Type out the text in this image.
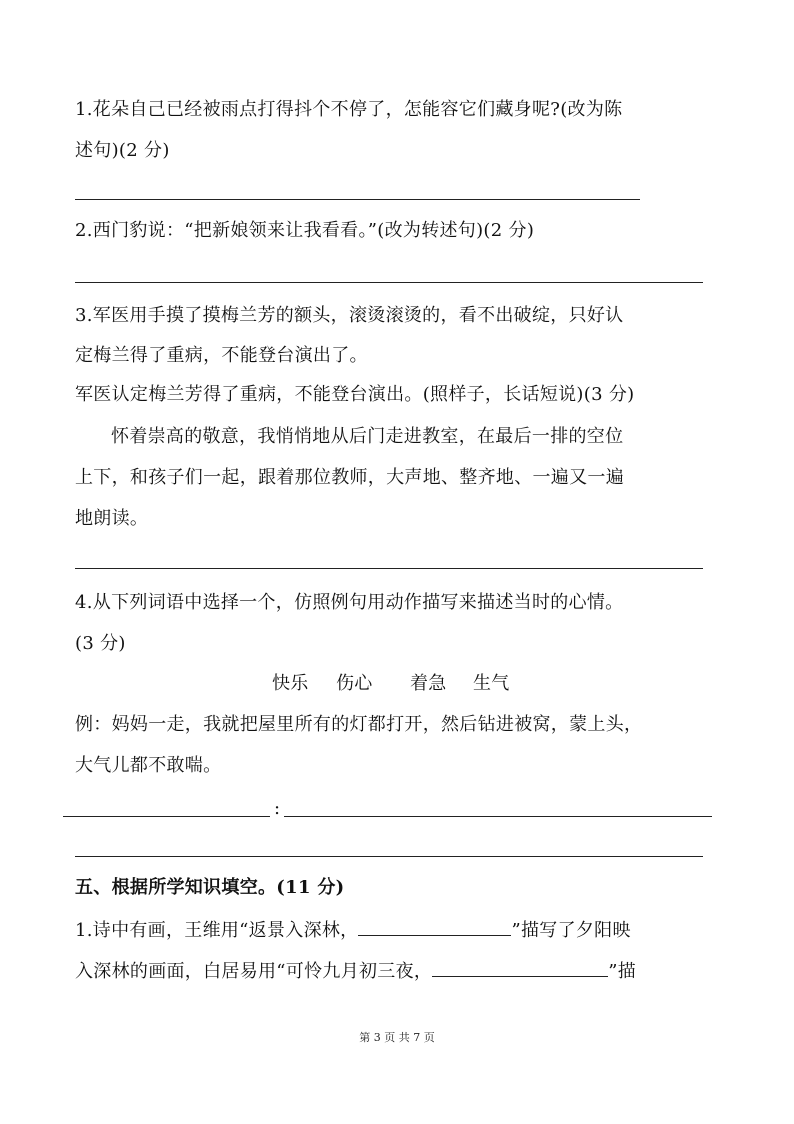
1.花朵自己已经被雨点打得抖个不停了，怎能容它们藏身呢?(改为陈
述句)(2 分)
2.西门豹说：“把新娘领来让我看看。”(改为转述句)(2 分)
3.军医用手摸了摸梅兰芳的额头，滚烫滚烫的，看不出破绽，只好认
定梅兰得了重病，不能登台演出了。
军医认定梅兰芳得了重病，不能登台演出。(照样子，长话短说)(3 分)
怀着崇高的敬意，我悄悄地从后门走进教室，在最后一排的空位
上下，和孩子们一起，跟着那位教师，大声地、整齐地、一遍又一遍
地朗读。
4.从下列词语中选择一个，仿照例句用动作描写来描述当时的心情。
(3 分)
快乐 伤心 着急 生气
例：妈妈一走，我就把屋里所有的灯都打开，然后钻进被窝，蒙上头，
大气儿都不敢喘。
:
五、根据所学知识填空。(11 分)
1.诗中有画，王维用“返景入深林，	”描写了夕阳映
入深林的画面，白居易用“可怜九月初三夜，	”描
第 3 页 共 7 页
